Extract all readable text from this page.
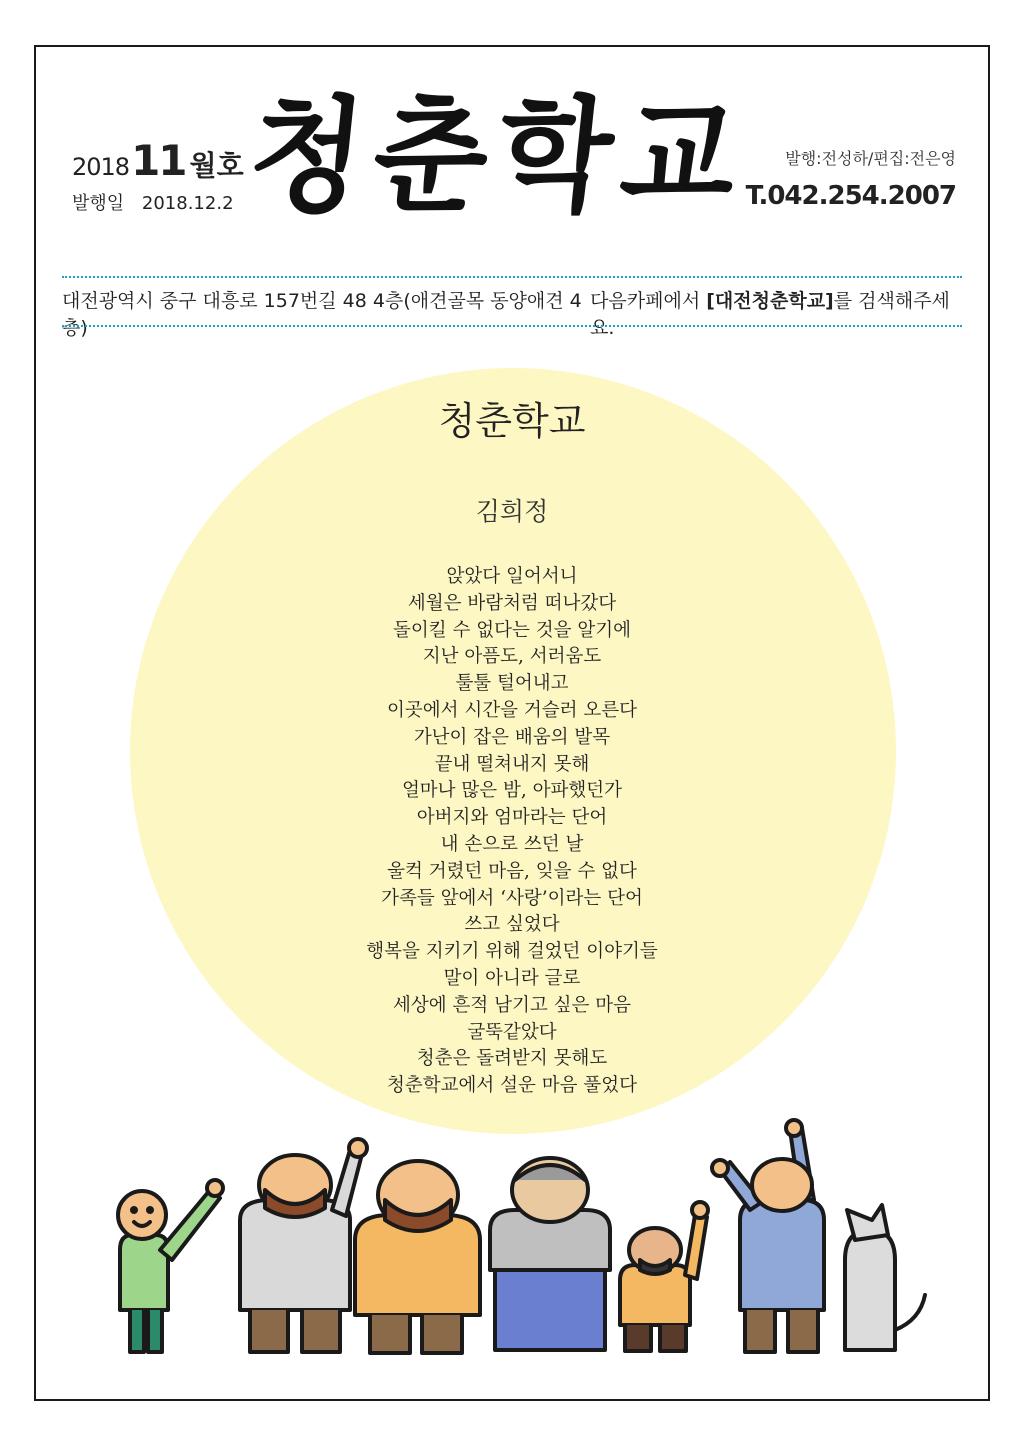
2018 11 월호
발행일 2018.12.2 청춘학교	발행:전성하/편집:전은영
T.042.254.2007
대전광역시 중구 대흥로 157번길 48 4층(애견골목 동양애견 4층)
다음카페에서 [대전청춘학교]를 검색해주세요.
청춘학교
김희정
앉았다 일어서니
세월은 바람처럼 떠나갔다
돌이킬 수 없다는 것을 알기에
지난 아픔도, 서러움도
툴툴 털어내고
이곳에서 시간을 거슬러 오른다
가난이 잡은 배움의 발목
끝내 떨쳐내지 못해
얼마나 많은 밤, 아파했던가
아버지와 엄마라는 단어
내 손으로 쓰던 날
울컥 거렸던 마음, 잊을 수 없다
가족들 앞에서 ‘사랑’이라는 단어
쓰고 싶었다
행복을 지키기 위해 걸었던 이야기들
말이 아니라 글로
세상에 흔적 남기고 싶은 마음
굴뚝같았다
청춘은 돌려받지 못해도
청춘학교에서 설운 마음 풀었다
